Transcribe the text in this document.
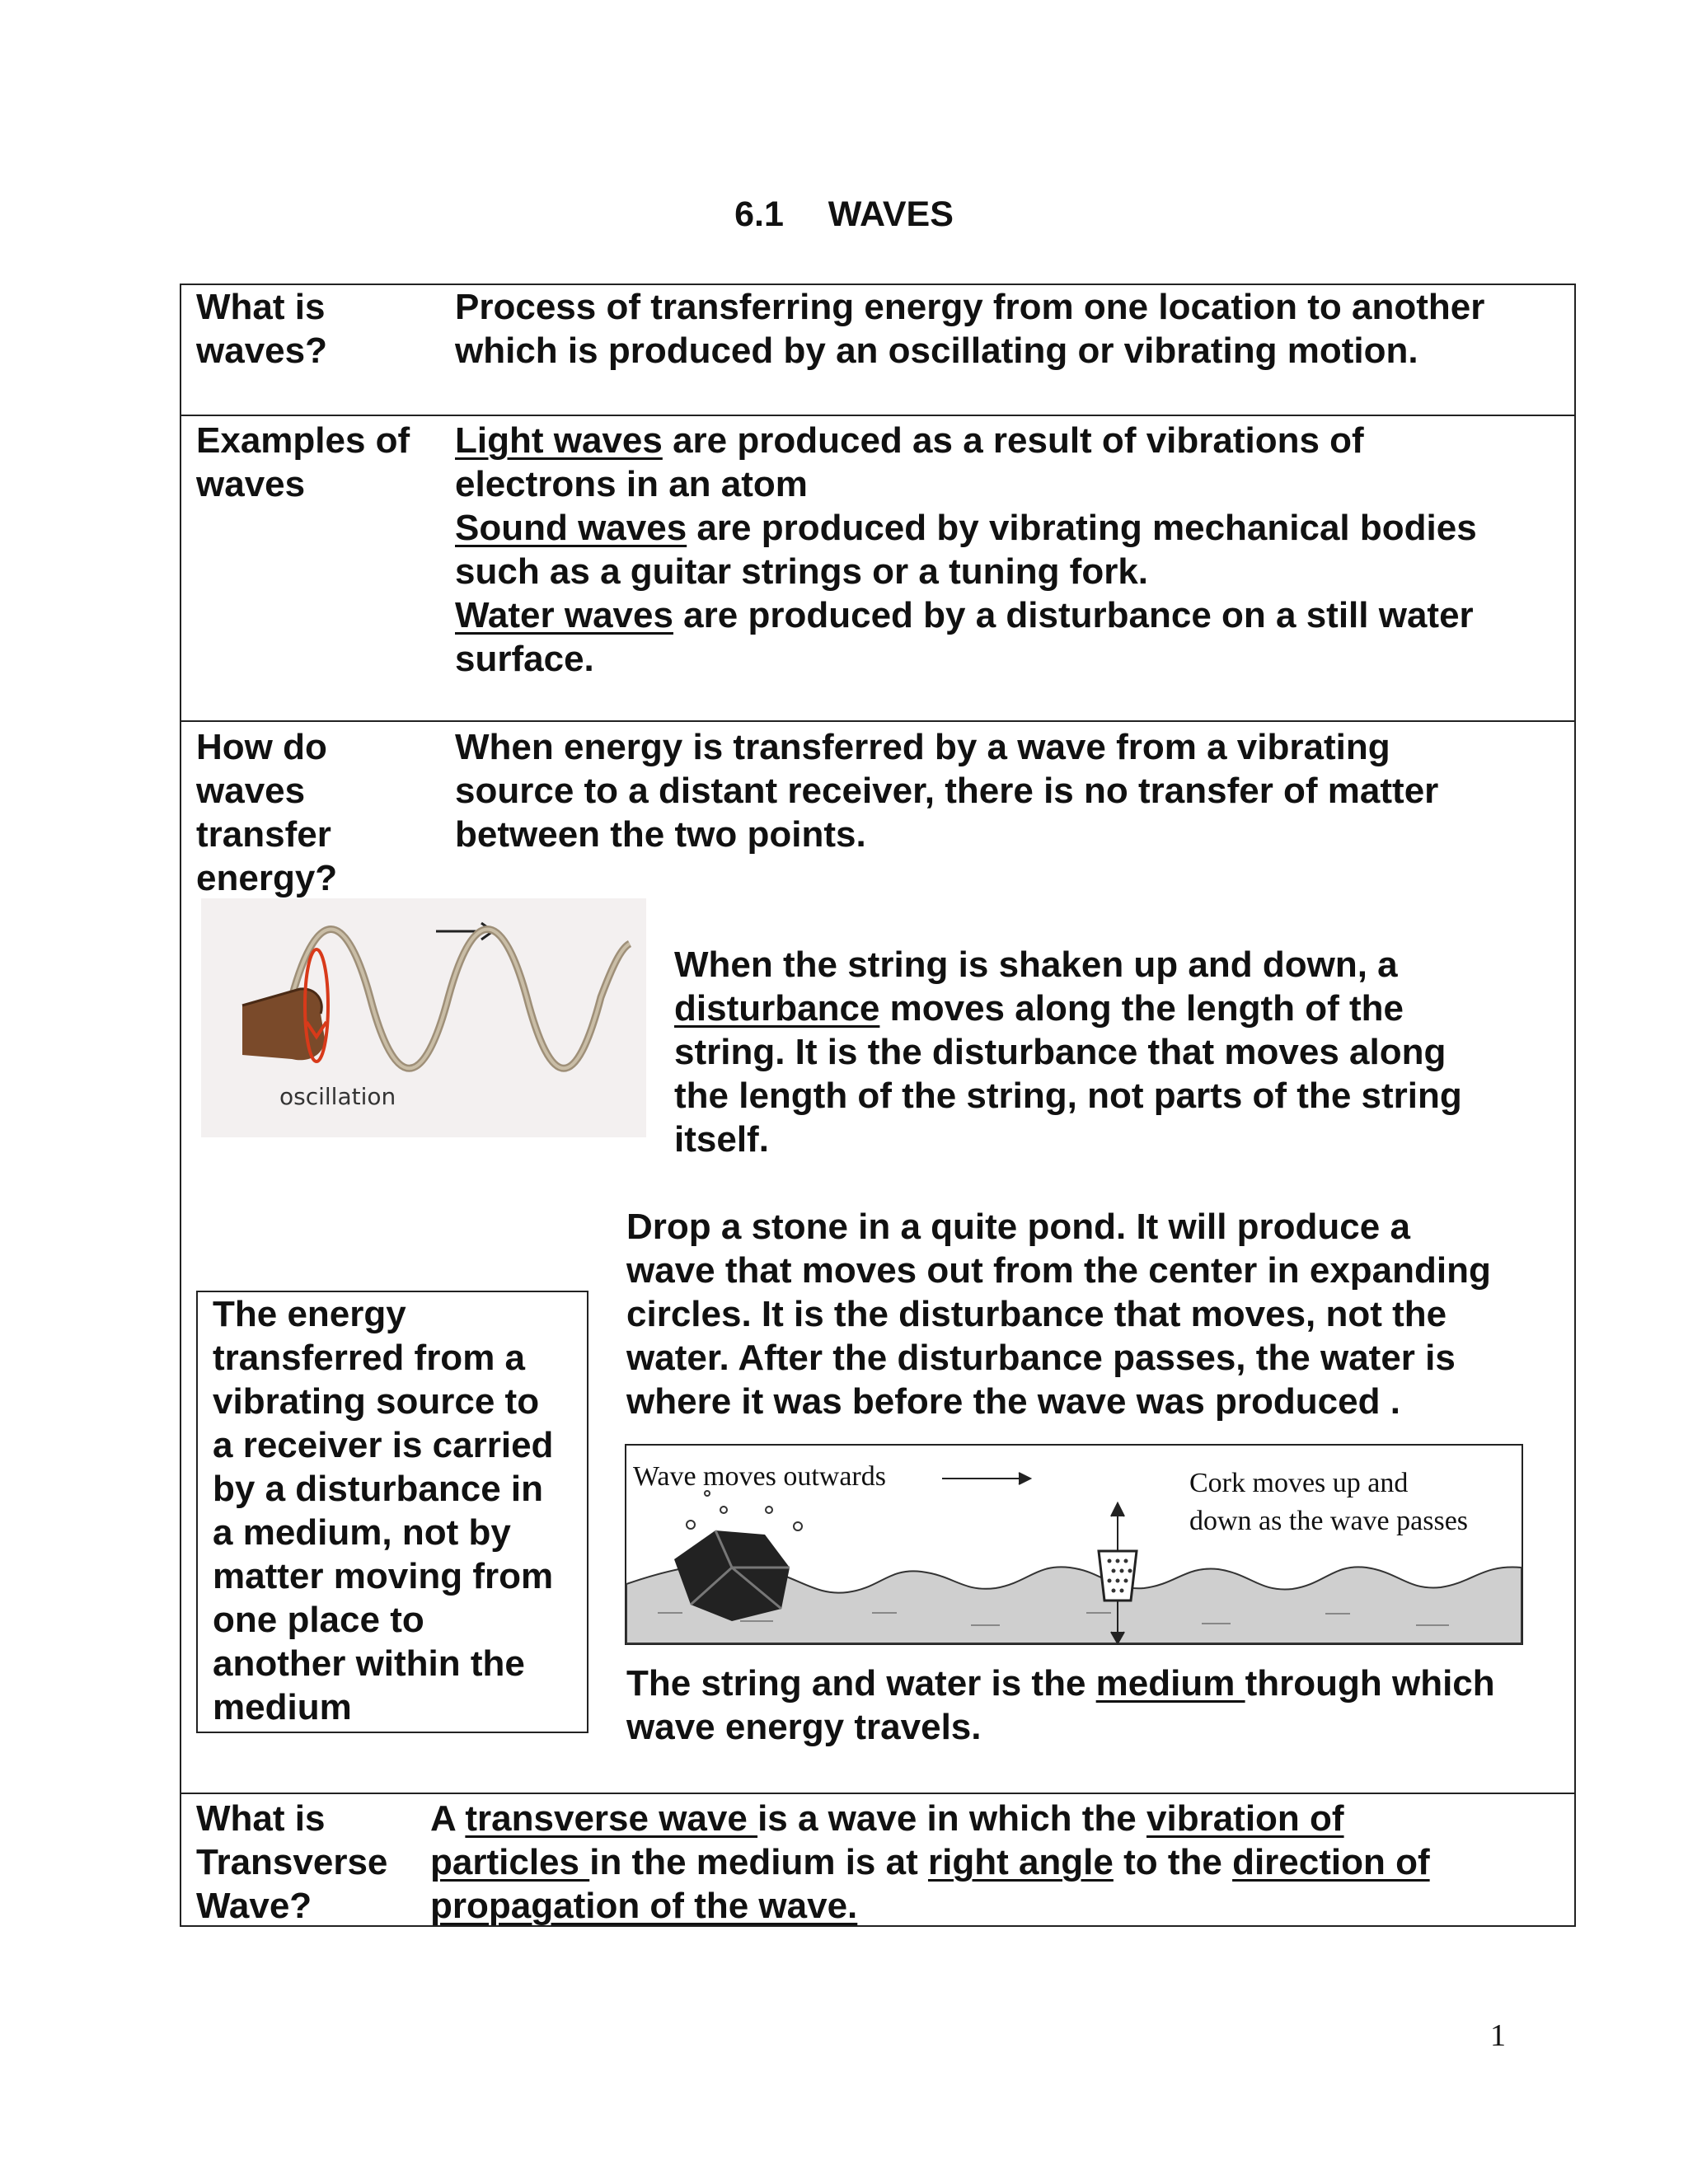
6.1 WAVES
What is
waves?
Process of transferring energy from one location to another
which is produced by an oscillating or vibrating motion.
Examples of
waves
Light waves are produced as a result of vibrations of
electrons in an atom
Sound waves are produced by vibrating mechanical bodies
such as a guitar strings or a tuning fork.
Water waves are produced by a disturbance on a still water
surface.
How do
waves
transfer
energy?
When energy is transferred by a wave from a vibrating
source to a distant receiver, there is no transfer of matter
between the two points.
oscillation
When the string is shaken up and down, a
disturbance moves along the length of the
string. It is the disturbance that moves along
the length of the string, not parts of the string
itself.
Drop a stone in a quite pond. It will produce a
wave that moves out from the center in expanding
circles. It is the disturbance that moves, not the
water. After the disturbance passes, the water is
where it was before the wave was produced .
The energy
transferred from a
vibrating source to
a receiver is carried
by a disturbance in
a medium, not by
matter moving from
one place to
another within the
medium
Wave moves outwards	Cork moves up and
down as the wave passes
The string and water is the medium through which
wave energy travels.
What is
Transverse
Wave?
A transverse wave is a wave in which the vibration of
particles in the medium is at right angle to the direction of
propagation of the wave.
1
